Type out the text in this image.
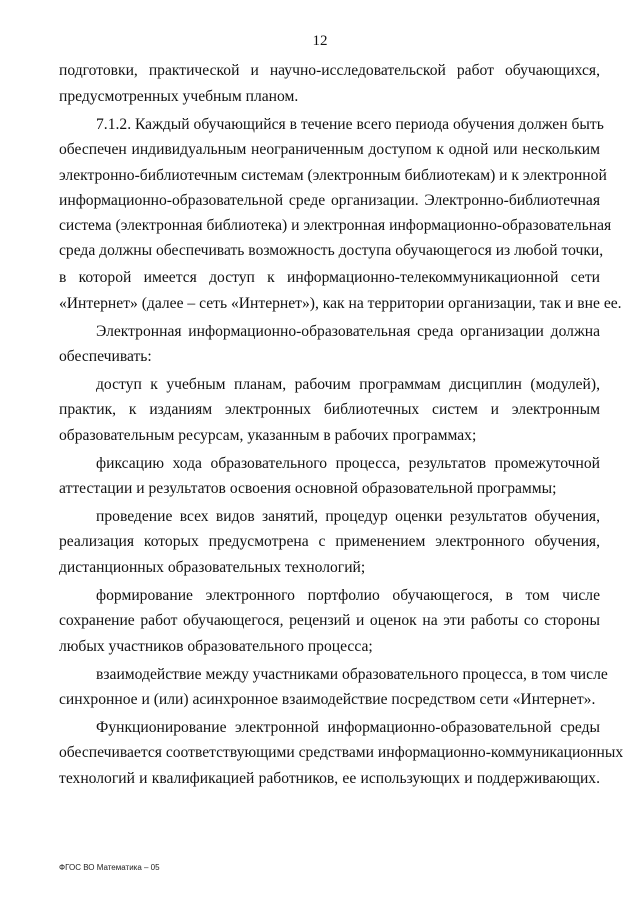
12
подготовки, практической и научно-исследовательской работ обучающихся,
предусмотренных учебным планом.
7.1.2. Каждый обучающийся в течение всего периода обучения должен быть
обеспечен индивидуальным неограниченным доступом к одной или нескольким
электронно-библиотечным системам (электронным библиотекам) и к электронной
информационно-образовательной среде организации. Электронно-библиотечная
система (электронная библиотека) и электронная информационно-образовательная
среда должны обеспечивать возможность доступа обучающегося из любой точки,
в которой имеется доступ к информационно-телекоммуникационной сети
«Интернет» (далее – сеть «Интернет»), как на территории организации, так и вне ее.
Электронная информационно-образовательная среда организации должна
обеспечивать:
доступ к учебным планам, рабочим программам дисциплин (модулей),
практик, к изданиям электронных библиотечных систем и электронным
образовательным ресурсам, указанным в рабочих программах;
фиксацию хода образовательного процесса, результатов промежуточной
аттестации и результатов освоения основной образовательной программы;
проведение всех видов занятий, процедур оценки результатов обучения,
реализация которых предусмотрена с применением электронного обучения,
дистанционных образовательных технологий;
формирование электронного портфолио обучающегося, в том числе
сохранение работ обучающегося, рецензий и оценок на эти работы со стороны
любых участников образовательного процесса;
взаимодействие между участниками образовательного процесса, в том числе
синхронное и (или) асинхронное взаимодействие посредством сети «Интернет».
Функционирование электронной информационно-образовательной среды
обеспечивается соответствующими средствами информационно-коммуникационных
технологий и квалификацией работников, ее использующих и поддерживающих.
ФГОС ВО Математика – 05
